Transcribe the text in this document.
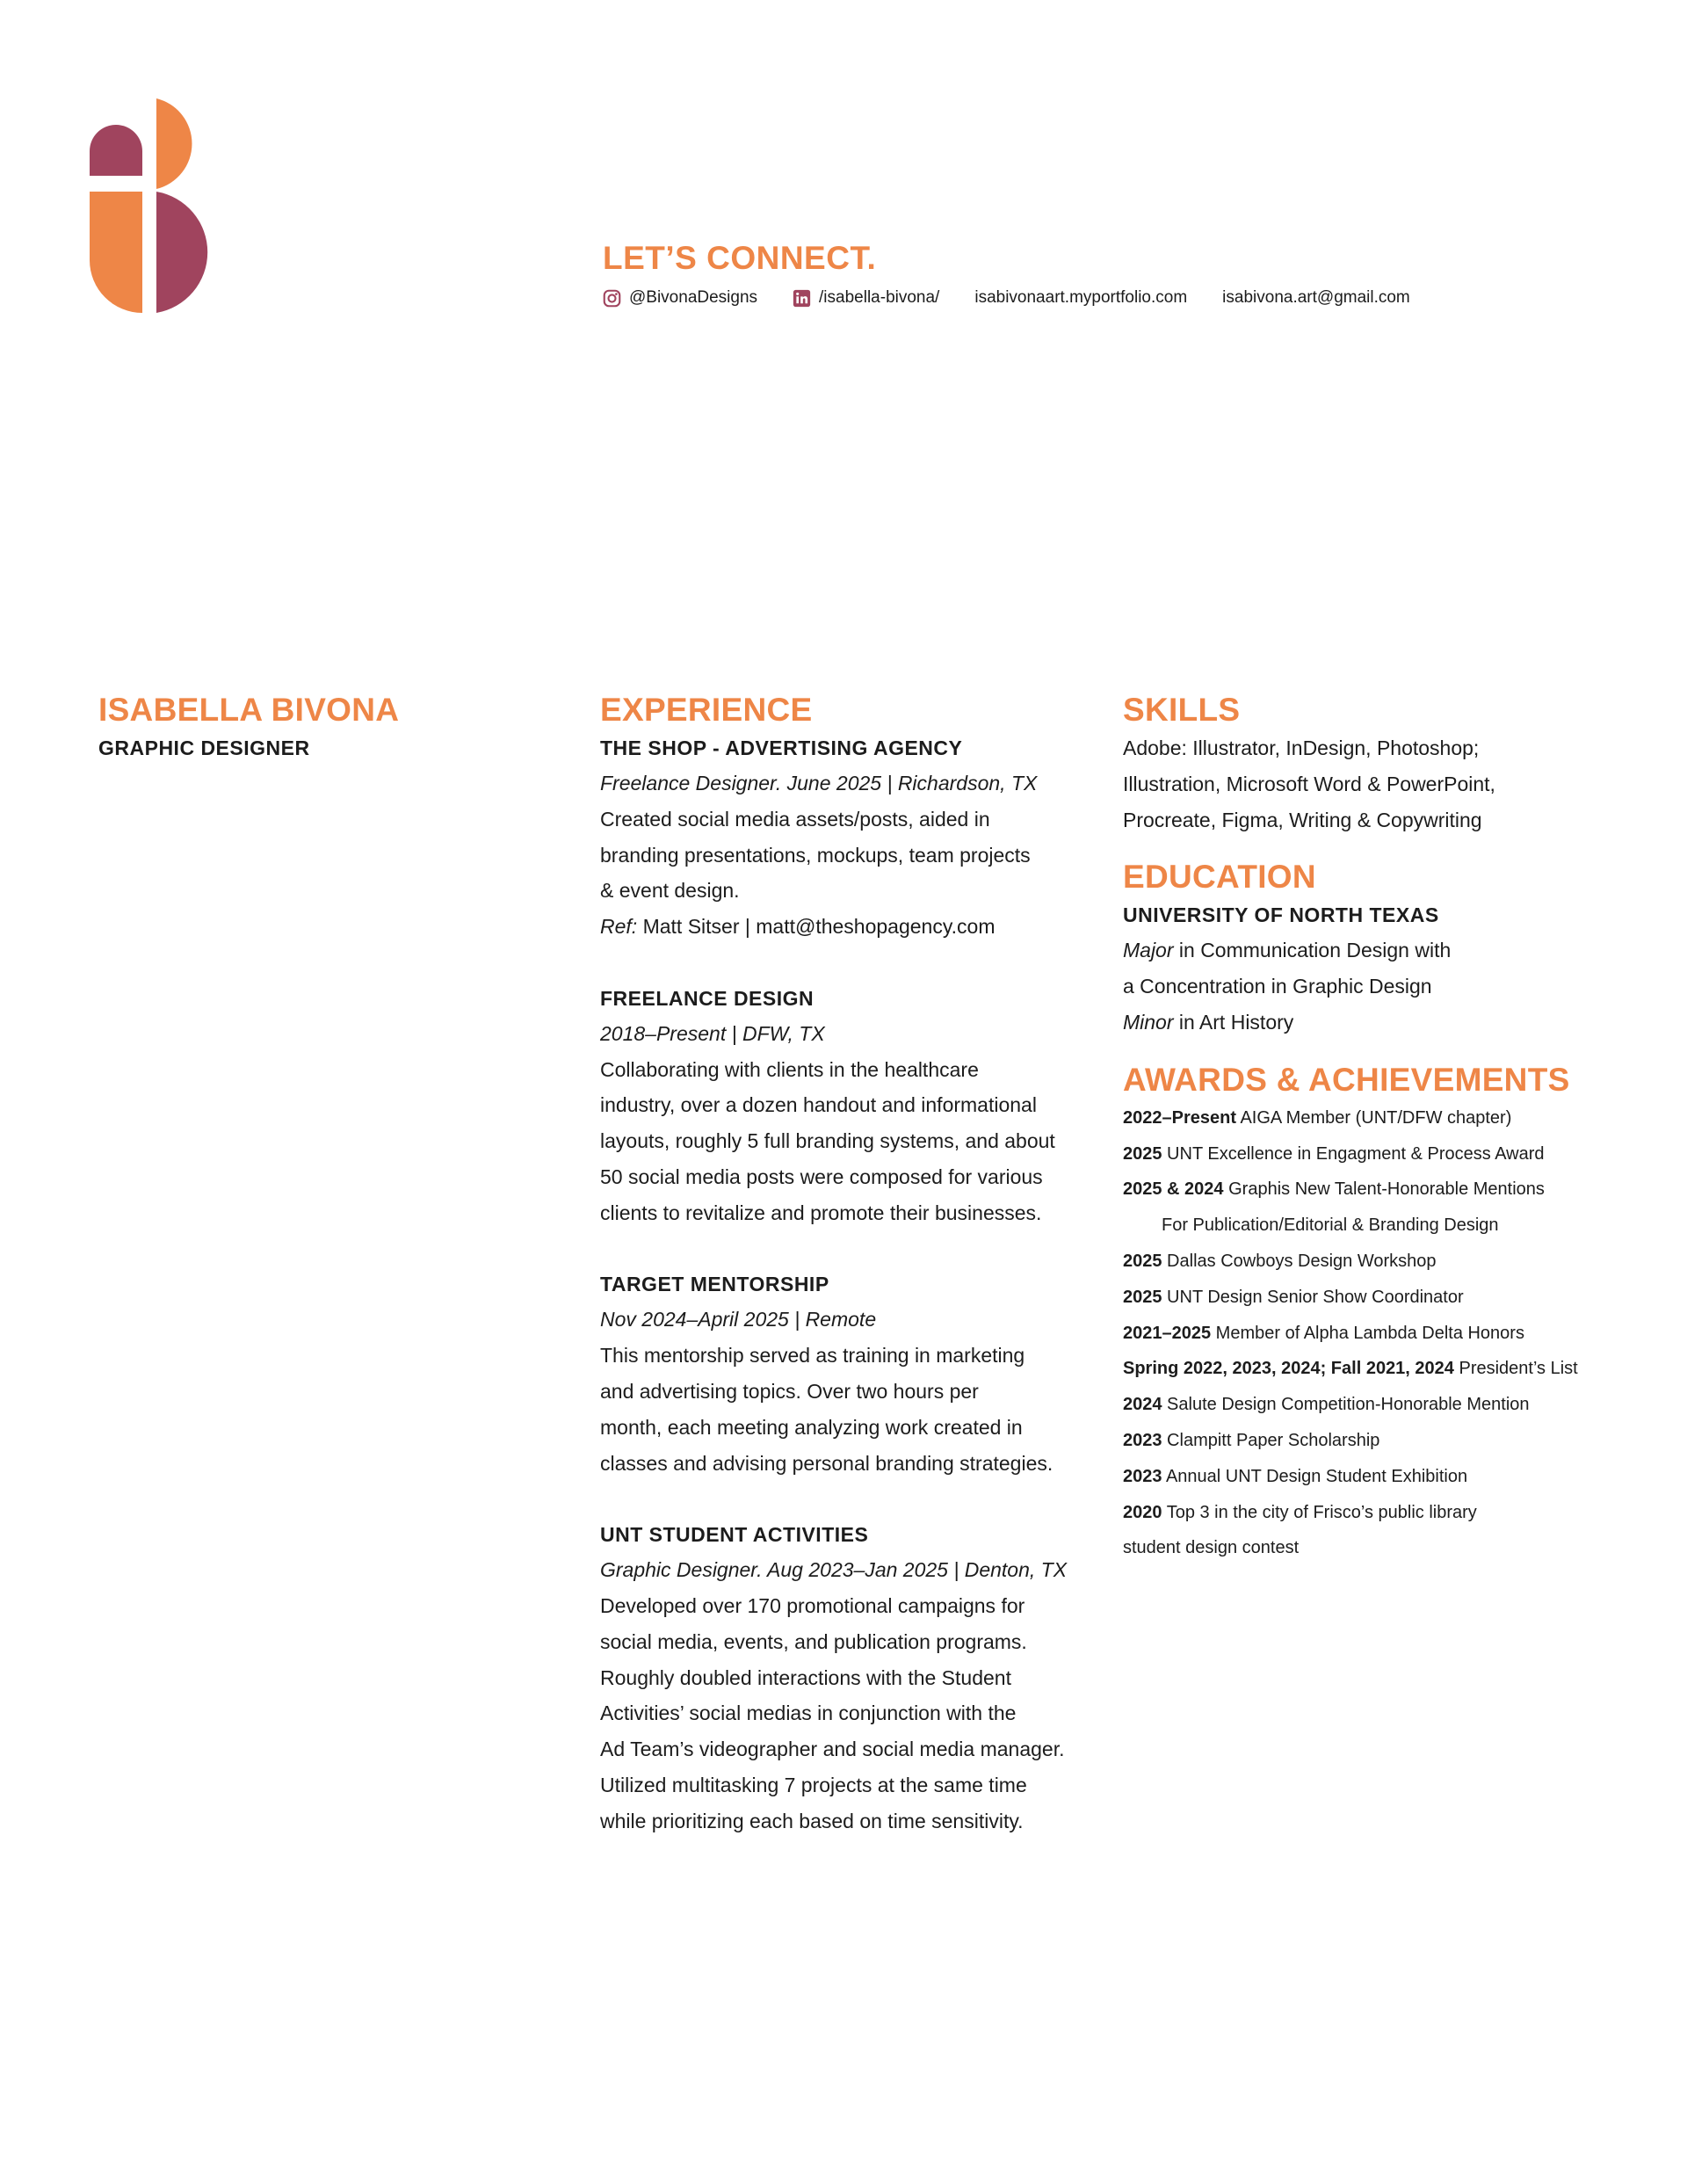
LET’S CONNECT.
@BivonaDesigns	/isabella-bivona/ isabivonaart.myportfolio.com isabivona.art@gmail.com
ISABELLA BIVONA

GRAPHIC DESIGNER

EXPERIENCE

THE SHOP - ADVERTISING AGENCY

Freelance Designer. June 2025 | Richardson, TX

Created social media assets/posts, aided in

branding presentations, mockups, team projects

& event design.

Ref: Matt Sitser | matt@theshopagency.com

FREELANCE DESIGN

2018–Present | DFW, TX

Collaborating with clients in the healthcare

industry, over a dozen handout and informational

layouts, roughly 5 full branding systems, and about

50 social media posts were composed for various

clients to revitalize and promote their businesses.

TARGET MENTORSHIP

Nov 2024–April 2025 | Remote

This mentorship served as training in marketing

and advertising topics. Over two hours per

month, each meeting analyzing work created in

classes and advising personal branding strategies.

UNT STUDENT ACTIVITIES

Graphic Designer. Aug 2023–Jan 2025 | Denton, TX

Developed over 170 promotional campaigns for

social media, events, and publication programs.

Roughly doubled interactions with the Student

Activities’ social medias in conjunction with the

Ad Team’s videographer and social media manager.

Utilized multitasking 7 projects at the same time

while prioritizing each based on time sensitivity.

SKILLS

Adobe: Illustrator, InDesign, Photoshop;

Illustration, Microsoft Word & PowerPoint,

Procreate, Figma, Writing & Copywriting

EDUCATION

UNIVERSITY OF NORTH TEXAS

Major in Communication Design with

a Concentration in Graphic Design

Minor in Art History

AWARDS & ACHIEVEMENTS

2022–Present AIGA Member (UNT/DFW chapter)

2025 UNT Excellence in Engagment & Process Award

2025 & 2024 Graphis New Talent-Honorable Mentions

For Publication/Editorial & Branding Design

2025 Dallas Cowboys Design Workshop

2025 UNT Design Senior Show Coordinator

2021–2025 Member of Alpha Lambda Delta Honors

Spring 2022, 2023, 2024; Fall 2021, 2024 President’s List

2024 Salute Design Competition-Honorable Mention

2023 Clampitt Paper Scholarship

2023 Annual UNT Design Student Exhibition

2020 Top 3 in the city of Frisco’s public library

student design contest
